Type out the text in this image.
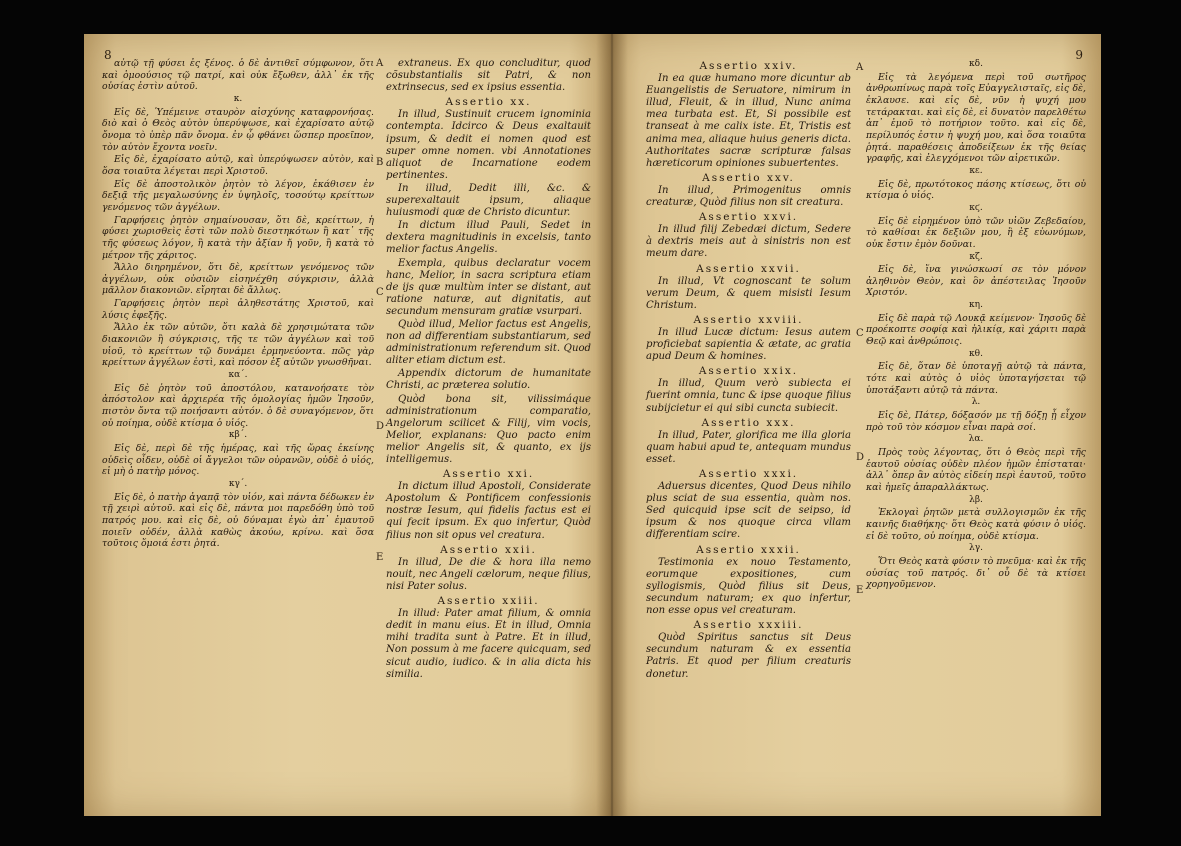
8

αὐτῷ τῇ φύσει ἐς ξένος. ὁ δὲ ἀντιθεῖ σύμφωνον, ὅτι καὶ ὁμοούσιος τῷ πατρί, καὶ οὐκ ἔξωθεν, ἀλλ᾽ ἐκ τῆς οὐσίας ἐστὶν αὐτοῦ.

κ.

Εἰς δὲ, Ὑπέμεινε σταυρὸν αἰσχύνης καταφρονήσας. διὸ καὶ ὁ Θεὸς αὐτὸν ὑπερύψωσε, καὶ ἐχαρίσατο αὐτῷ ὄνομα τὸ ὑπὲρ πᾶν ὄνομα. ἐν ᾧ φθάνει ὥσπερ προεῖπον, τὸν αὐτὸν ἔχοντα νοεῖν.

Εἰς δὲ, ἐχαρίσατο αὐτῷ, καὶ ὑπερύψωσεν αὐτὸν, καὶ ὅσα τοιαῦτα λέγεται περὶ Χριστοῦ.

Εἰς δὲ ἀποστολικὸν ῥητὸν τὸ λέγον, ἐκάθισεν ἐν δεξιᾷ τῆς μεγαλωσύνης ἐν ὑψηλοῖς, τοσούτῳ κρείττων γενόμενος τῶν ἀγγέλων.

Γαρφήσεις ῥητὸν σημαίνουσαν, ὅτι δὲ, κρείττων, ἡ φύσει χωρισθεὶς ἐστὶ τῶν πολὺ διεστηκότων ἢ κατ᾽ τῆς τῆς φύσεως λόγον, ἢ κατὰ τὴν ἀξίαν ἤ γοῦν, ἢ κατὰ τὸ μέτρον τῆς χάριτος.

Ἄλλο διηρημένον, ὅτι δὲ, κρείττων γενόμενος τῶν ἀγγέλων, οὐκ οὐσιῶν εἰσηνέχθη σύγκρισιν, ἀλλὰ μᾶλλον διακονιῶν. εἴρηται δὲ ἄλλως.

Γαρφήσεις ῥητὸν περὶ ἀληθεστάτης Χριστοῦ, καὶ λύσις ἐφεξῆς.

Ἄλλο ἐκ τῶν αὐτῶν, ὅτι καλὰ δὲ χρησιμώτατα τῶν διακονιῶν ἢ σύγκρισις, τῆς τε τῶν ἀγγέλων καὶ τοῦ υἱοῦ, τὸ κρείττων τῷ δυνάμει ἑρμηνεύοντα. πῶς γὰρ κρείττων ἀγγέλων ἐστὶ, καὶ πόσον ἐξ αὐτῶν γνωσθῆναι.

κα΄.

Εἰς δὲ ῥητὸν τοῦ ἀποστόλου, κατανοήσατε τὸν ἀπόστολον καὶ ἀρχιερέα τῆς ὁμολογίας ἡμῶν Ἰησοῦν, πιστὸν ὄντα τῷ ποιήσαντι αὐτόν. ὁ δὲ συναγόμενον, ὅτι οὐ ποίημα, οὐδὲ κτίσμα ὁ υἱός.

κβ΄.

Εἰς δὲ, περὶ δὲ τῆς ἡμέρας, καὶ τῆς ὥρας ἐκείνης οὐδεὶς οἶδεν, οὐδὲ οἱ ἄγγελοι τῶν οὐρανῶν, οὐδὲ ὁ υἱός, εἰ μὴ ὁ πατὴρ μόνος.

κγ΄.

Εἰς δὲ, ὁ πατὴρ ἀγαπᾷ τὸν υἱόν, καὶ πάντα δέδωκεν ἐν τῇ χειρὶ αὐτοῦ. καὶ εἰς δὲ, πάντα μοι παρεδόθη ὑπὸ τοῦ πατρός μου. καὶ εἰς δὲ, οὐ δύναμαι ἐγὼ ἀπ᾽ ἐμαυτοῦ ποιεῖν οὐδέν, ἀλλὰ καθὼς ἀκούω, κρίνω. καὶ ὅσα τοῦτοις ὅμοιά ἐστι ῥητά.

extraneus. Ex quo concluditur, quod cõsubstantialis sit Patri, & non extrinsecus, sed ex ipsius essentia.

Assertio xx.

In illud, Sustinuit crucem ignominia contempta. Idcirco & Deus exaltauit ipsum, & dedit ei nomen quod est super omne nomen. vbi Annotationes aliquot de Incarnatione eodem pertinentes.

In illud, Dedit illi, &c. & superexaltauit ipsum, aliaque huiusmodi quæ de Christo dicuntur.

In dictum illud Pauli, Sedet in dextera magnitudinis in excelsis, tanto melior factus Angelis.

Exempla, quibus declaratur vocem hanc, Melior, in sacra scriptura etiam de ijs quæ multùm inter se distant, aut ratione naturæ, aut dignitatis, aut secundum mensuram gratiæ vsurpari.

Quòd illud, Melior factus est Angelis, non ad differentiam substantiarum, sed administrationum referendum sit. Quod aliter etiam dictum est.

Appendix dictorum de humanitate Christi, ac præterea solutio.

Quòd bona sit, vilissimáque administrationum comparatio, Angelorum scilicet & Filij, vim vocis, Melior, explanans: Quo pacto enim melior Angelis sit, & quanto, ex ijs intelligemus.

Assertio xxi.

In dictum illud Apostoli, Considerate Apostolum & Pontificem confessionis nostræ Iesum, qui fidelis factus est ei qui fecit ipsum. Ex quo infertur, Quòd filius non sit opus vel creatura.

Assertio xxii.

In illud, De die & hora illa nemo nouit, nec Angeli cælorum, neque filius, nisi Pater solus.

Assertio xxiii.

In illud: Pater amat filium, & omnia dedit in manu eius. Et in illud, Omnia mihi tradita sunt à Patre. Et in illud, Non possum à me facere quicquam, sed sicut audio, iudico. & in alia dicta his similia.

A
B
C
D
E
9
Assertio xxiv.

In ea quæ humano more dicuntur ab Euangelistis de Seruatore, nimirum in illud, Fleuit, & in illud, Nunc anima mea turbata est. Et, Si possibile est transeat à me calix iste. Et, Tristis est anima mea, aliaque huius generis dicta. Authoritates sacræ scripturæ falsas hæreticorum opiniones subuertentes.

Assertio xxv.

In illud, Primogenitus omnis creaturæ, Quòd filius non sit creatura.

Assertio xxvi.

In illud filij Zebedæi dictum, Sedere à dextris meis aut à sinistris non est meum dare.

Assertio xxvii.

In illud, Vt cognoscant te solum verum Deum, & quem misisti Iesum Christum.

Assertio xxviii.

In illud Lucæ dictum: Iesus autem proficiebat sapientia & ætate, ac gratia apud Deum & homines.

Assertio xxix.

In illud, Quum verò subiecta ei fuerint omnia, tunc & ipse quoque filius subijcietur ei qui sibi cuncta subiecit.

Assertio xxx.

In illud, Pater, glorifica me illa gloria quam habui apud te, antequam mundus esset.

Assertio xxxi.

Aduersus dicentes, Quod Deus nihilo plus sciat de sua essentia, quàm nos. Sed quicquid ipse scit de seipso, id ipsum & nos quoque circa vllam differentiam scire.

Assertio xxxii.

Testimonia ex nouo Testamento, eorumque expositiones, cum syllogismis, Quòd filius sit Deus, secundum naturam; ex quo infertur, non esse opus vel creaturam.

Assertio xxxiii.

Quòd Spiritus sanctus sit Deus secundum naturam & ex essentia Patris. Et quod per filium creaturis donetur.

κδ.

Εἰς τὰ λεγόμενα περὶ τοῦ σωτῆρος ἀνθρωπίνως παρὰ τοῖς Εὐαγγελισταῖς, εἰς δὲ, ἐκλαυσε. καὶ εἰς δὲ, νῦν ἡ ψυχή μου τετάρακται. καὶ εἰς δὲ, εἰ δυνατὸν παρελθέτω ἀπ᾽ ἐμοῦ τὸ ποτήριον τοῦτο. καὶ εἰς δὲ, περίλυπός ἐστιν ἡ ψυχή μου, καὶ ὅσα τοιαῦτα ῥητά. παραθέσεις ἀποδείξεων ἐκ τῆς θείας γραφῆς, καὶ ἐλεγχόμενοι τῶν αἱρετικῶν.

κε.

Εἰς δὲ, πρωτότοκος πάσης κτίσεως, ὅτι οὐ κτίσμα ὁ υἱός.

κϛ.

Εἰς δὲ εἰρημένον ὑπὸ τῶν υἱῶν Ζεβεδαίου, τὸ καθίσαι ἐκ δεξιῶν μου, ἢ ἐξ εὐωνύμων, οὐκ ἔστιν ἐμὸν δοῦναι.

κζ.

Εἰς δὲ, ἵνα γινώσκωσί σε τὸν μόνον ἀληθινὸν Θεὸν, καὶ ὃν ἀπέστειλας Ἰησοῦν Χριστόν.

κη.

Εἰς δὲ παρὰ τῷ Λουκᾷ κείμενον· Ἰησοῦς δὲ προέκοπτε σοφίᾳ καὶ ἡλικίᾳ, καὶ χάριτι παρὰ Θεῷ καὶ ἀνθρώποις.

κθ.

Εἰς δὲ, ὅταν δὲ ὑποταγῇ αὐτῷ τὰ πάντα, τότε καὶ αὐτὸς ὁ υἱὸς ὑποταγήσεται τῷ ὑποτάξαντι αὐτῷ τὰ πάντα.

λ.

Εἰς δὲ, Πάτερ, δόξασόν με τῇ δόξῃ ᾗ εἶχον πρὸ τοῦ τὸν κόσμον εἶναι παρὰ σοί.

λα.

Πρὸς τοὺς λέγοντας, ὅτι ὁ Θεὸς περὶ τῆς ἑαυτοῦ οὐσίας οὐδὲν πλέον ἡμῶν ἐπίσταται· ἀλλ᾽ ὅπερ ἂν αὐτὸς εἰδείη περὶ ἑαυτοῦ, τοῦτο καὶ ἡμεῖς ἀπαραλλάκτως.

λβ.

Ἐκλογαὶ ῥητῶν μετὰ συλλογισμῶν ἐκ τῆς καινῆς διαθήκης· ὅτι Θεὸς κατὰ φύσιν ὁ υἱός. εἰ δὲ τοῦτο, οὐ ποίημα, οὐδὲ κτίσμα.

λγ.

Ὅτι Θεὸς κατὰ φύσιν τὸ πνεῦμα· καὶ ἐκ τῆς οὐσίας τοῦ πατρός. δι᾽ οὗ δὲ τὰ κτίσει χορηγοῦμενον.

A
C
D
E
